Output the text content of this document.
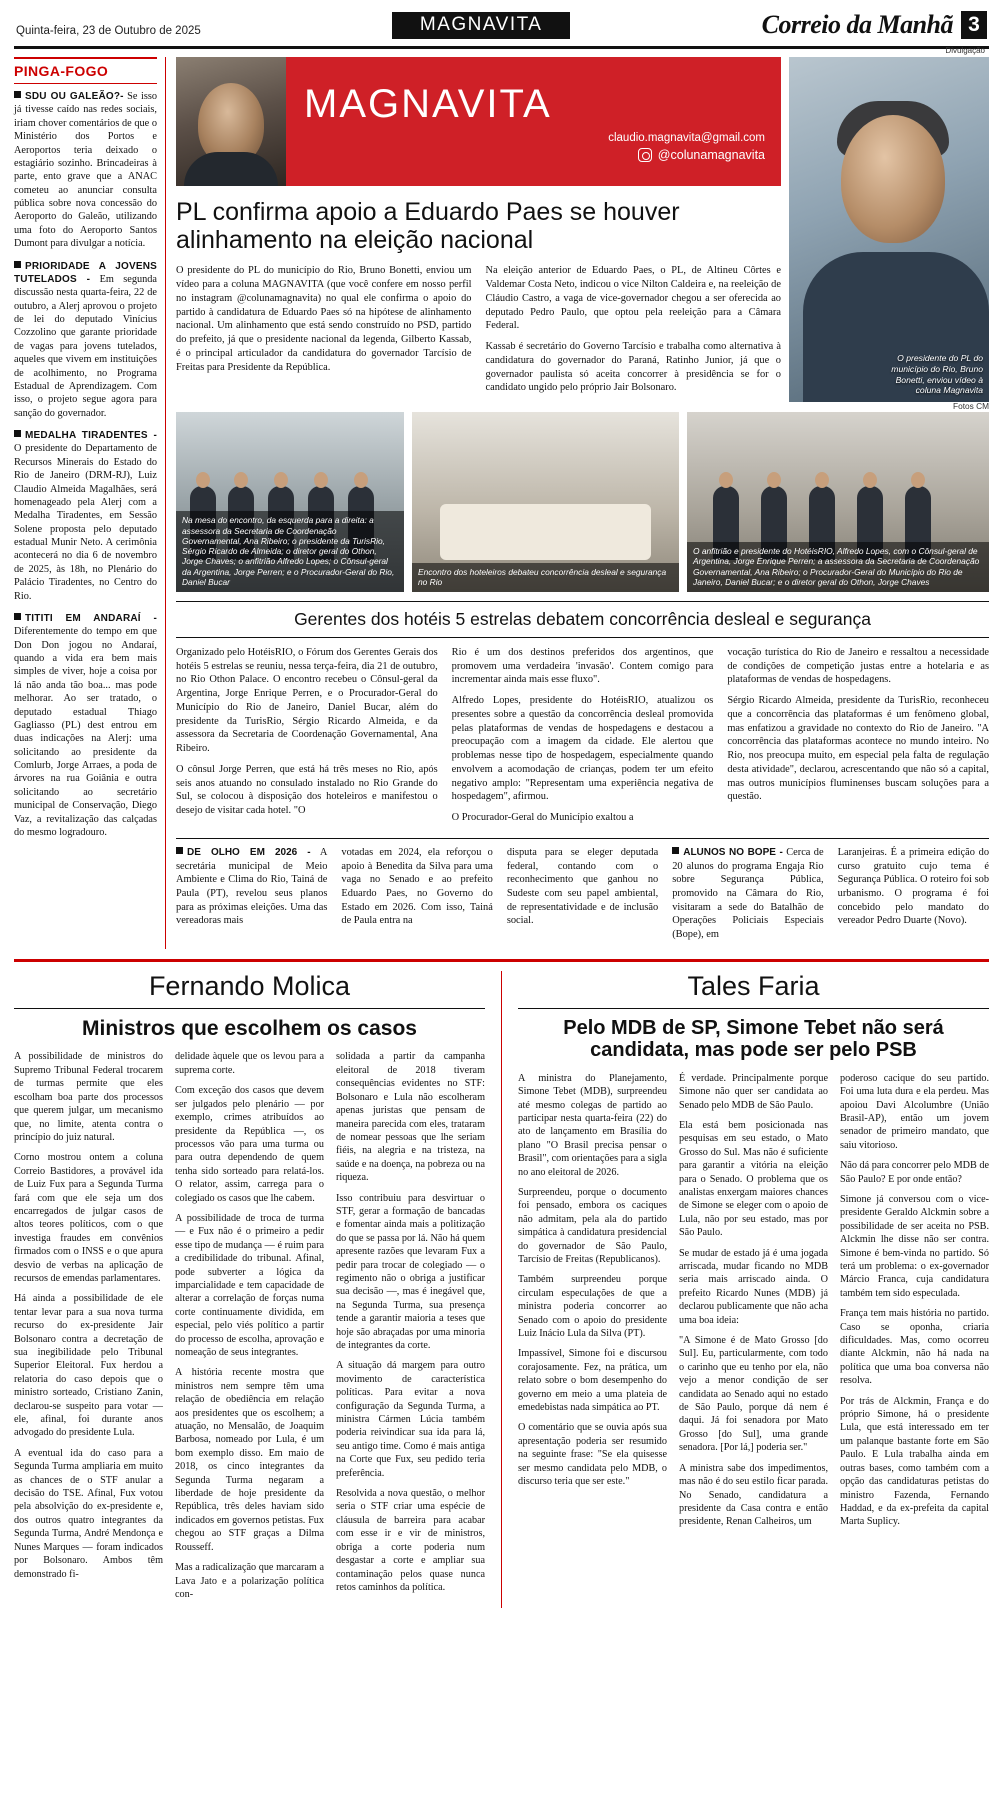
Quinta-feira, 23 de Outubro de 2025	MAGNAVITA	Correio da Manhã 3
PINGA-FOGO

SDU OU GALEÃO?- Se isso já tivesse caído nas redes sociais, iriam chover comentários de que o Ministério dos Portos e Aeroportos teria deixado o estagiário sozinho. Brincadeiras à parte, ento grave que a ANAC cometeu ao anunciar consulta pública sobre nova concessão do Aeroporto do Galeão, utilizando uma foto do Aeroporto Santos Dumont para divulgar a notícia.

PRIORIDADE A JOVENS TUTELADOS - Em segunda discussão nesta quarta-feira, 22 de outubro, a Alerj aprovou o projeto de lei do deputado Vinícius Cozzolino que garante prioridade de vagas para jovens tutelados, aqueles que vivem em instituições de acolhimento, no Programa Estadual de Aprendizagem. Com isso, o projeto segue agora para sanção do governador.

MEDALHA TIRADENTES - O presidente do Departamento de Recursos Minerais do Estado do Rio de Janeiro (DRM-RJ), Luiz Claudio Almeida Magalhães, será homenageado pela Alerj com a Medalha Tiradentes, em Sessão Solene proposta pelo deputado estadual Munir Neto. A cerimônia acontecerá no dia 6 de novembro de 2025, às 18h, no Plenário do Palácio Tiradentes, no Centro do Rio.

TITITI EM ANDARAÍ - Diferentemente do tempo em que Don Don jogou no Andaraí, quando a vida era bem mais simples de viver, hoje a coisa por lá não anda tão boa... mas pode melhorar. Ao ser tratado, o deputado estadual Thiago Gagliasso (PL) dest entrou em duas indicações na Alerj: uma solicitando ao presidente da Comlurb, Jorge Arraes, a poda de árvores na rua Goiânia e outra solicitando ao secretário municipal de Conservação, Diego Vaz, a revitalização das calçadas do mesmo logradouro.

MAGNAVITA
claudio.magnavita@gmail.com
@colunamagnavita
PL confirma apoio a Eduardo Paes se houver alinhamento na eleição nacional

O presidente do PL do município do Rio, Bruno Bonetti, enviou um vídeo para a coluna MAGNAVITA (que você confere em nosso perfil no instagram @colunamagnavita) no qual ele confirma o apoio do partido à candidatura de Eduardo Paes só na hipótese de alinhamento nacional. Um alinhamento que está sendo construído no PSD, partido do prefeito, já que o presidente nacional da legenda, Gilberto Kassab, é o principal articulador da candidatura do governador Tarcísio de Freitas para Presidente da República.

Na eleição anterior de Eduardo Paes, o PL, de Altineu Côrtes e Valdemar Costa Neto, indicou o vice Nilton Caldeira e, na reeleição de Cláudio Castro, a vaga de vice-governador chegou a ser oferecida ao deputado Pedro Paulo, que optou pela reeleição para a Câmara Federal.

Kassab é secretário do Governo Tarcísio e trabalha como alternativa à candidatura do governador do Paraná, Ratinho Junior, já que o governador paulista só aceita concorrer à presidência se for o candidato ungido pelo próprio Jair Bolsonaro.

Divulgação
O presidente do PL do município do Rio, Bruno Bonetti, enviou vídeo à coluna Magnavita
Fotos CM
Na mesa do encontro, da esquerda para a direita: a assessora da Secretaria de Coordenação Governamental, Ana Ribeiro; o presidente da TurisRio, Sérgio Ricardo de Almeida; o diretor geral do Othon, Jorge Chaves; o anfitrião Alfredo Lopes; o Cônsul-geral da Argentina, Jorge Perren; e o Procurador-Geral do Rio, Daniel Bucar
Encontro dos hoteleiros debateu concorrência desleal e segurança no Rio
O anfitrião e presidente do HotéisRIO, Alfredo Lopes, com o Cônsul-geral de Argentina, Jorge Enrique Perren; a assessora da Secretaria de Coordenação Governamental, Ana Ribeiro; o Procurador-Geral do Município do Rio de Janeiro, Daniel Bucar; e o diretor geral do Othon, Jorge Chaves
Gerentes dos hotéis 5 estrelas debatem concorrência desleal e segurança

Organizado pelo HotéisRIO, o Fórum dos Gerentes Gerais dos hotéis 5 estrelas se reuniu, nessa terça-feira, dia 21 de outubro, no Rio Othon Palace. O encontro recebeu o Cônsul-geral da Argentina, Jorge Enrique Perren, e o Procurador-Geral do Município do Rio de Janeiro, Daniel Bucar, além do presidente da TurisRio, Sérgio Ricardo Almeida, e da assessora da Secretaria de Coordenação Governamental, Ana Ribeiro.

O cônsul Jorge Perren, que está há três meses no Rio, após seis anos atuando no consulado instalado no Rio Grande do Sul, se colocou à disposição dos hoteleiros e manifestou o desejo de visitar cada hotel. "O

Rio é um dos destinos preferidos dos argentinos, que promovem uma verdadeira 'invasão'. Contem comigo para incrementar ainda mais esse fluxo".

Alfredo Lopes, presidente do HotéisRIO, atualizou os presentes sobre a questão da concorrência desleal promovida pelas plataformas de vendas de hospedagens e destacou a preocupação com a imagem da cidade. Ele alertou que problemas nesse tipo de hospedagem, especialmente quando envolvem a acomodação de crianças, podem ter um efeito negativo amplo: "Representam uma experiência negativa de hospedagem", afirmou.

O Procurador-Geral do Município exaltou a

vocação turística do Rio de Janeiro e ressaltou a necessidade de condições de competição justas entre a hotelaria e as plataformas de vendas de hospedagens.

Sérgio Ricardo Almeida, presidente da TurisRio, reconheceu que a concorrência das plataformas é um fenômeno global, mas enfatizou a gravidade no contexto do Rio de Janeiro. "A concorrência das plataformas acontece no mundo inteiro. No Rio, nos preocupa muito, em especial pela falta de regulação desta atividade", declarou, acrescentando que não só a capital, mas outros municípios fluminenses buscam soluções para a questão.

DE OLHO EM 2026 - A secretária municipal de Meio Ambiente e Clima do Rio, Tainá de Paula (PT), revelou seus planos para as próximas eleições. Uma das vereadoras mais

votadas em 2024, ela reforçou o apoio à Benedita da Silva para uma vaga no Senado e ao prefeito Eduardo Paes, no Governo do Estado em 2026. Com isso, Tainá de Paula entra na

disputa para se eleger deputada federal, contando com o reconhecimento que ganhou no Sudeste com seu papel ambiental, de representatividade e de inclusão social.

ALUNOS NO BOPE - Cerca de 20 alunos do programa Engaja Rio sobre Segurança Pública, promovido na Câmara do Rio, visitaram a sede do Batalhão de Operações Policiais Especiais (Bope), em

Laranjeiras. É a primeira edição do curso gratuito cujo tema é Segurança Pública. O roteiro foi sob urbanismo. O programa é foi concebido pelo mandato do vereador Pedro Duarte (Novo).

Fernando Molica
Ministros que escolhem os casos

A possibilidade de ministros do Supremo Tribunal Federal trocarem de turmas permite que eles escolham boa parte dos processos que querem julgar, um mecanismo que, no limite, atenta contra o princípio do juiz natural.

Corno mostrou ontem a coluna Correio Bastidores, a provável ida de Luiz Fux para a Segunda Turma fará com que ele seja um dos encarregados de julgar casos de altos teores políticos, com o que investiga fraudes em convênios firmados com o INSS e o que apura desvio de verbas na aplicação de recursos de emendas parlamentares.

Há ainda a possibilidade de ele tentar levar para a sua nova turma recurso do ex-presidente Jair Bolsonaro contra a decretação de sua inegibilidade pelo Tribunal Superior Eleitoral. Fux herdou a relatoria do caso depois que o ministro sorteado, Cristiano Zanin, declarou-se suspeito para votar — ele, afinal, foi durante anos advogado do presidente Lula.

A eventual ida do caso para a Segunda Turma ampliaria em muito as chances de o STF anular a decisão do TSE. Afinal, Fux votou pela absolvição do ex-presidente e, dos outros quatro integrantes da Segunda Turma, André Mendonça e Nunes Marques — foram indicados por Bolsonaro. Ambos têm demonstrado fi-

delidade àquele que os levou para a suprema corte.

Com exceção dos casos que devem ser julgados pelo plenário — por exemplo, crimes atribuídos ao presidente da República —, os processos vão para uma turma ou para outra dependendo de quem tenha sido sorteado para relatá-los. O relator, assim, carrega para o colegiado os casos que lhe cabem.

A possibilidade de troca de turma — e Fux não é o primeiro a pedir esse tipo de mudança — é ruim para a credibilidade do tribunal. Afinal, pode subverter a lógica da imparcialidade e tem capacidade de alterar a correlação de forças numa corte continuamente dividida, em especial, pelo viés político a partir do processo de escolha, aprovação e nomeação de seus integrantes.

A história recente mostra que ministros nem sempre têm uma relação de obediência em relação aos presidentes que os escolhem; a atuação, no Mensalão, de Joaquim Barbosa, nomeado por Lula, é um bom exemplo disso. Em maio de 2018, os cinco integrantes da Segunda Turma negaram a liberdade de hoje presidente da República, três deles haviam sido indicados em governos petistas. Fux chegou ao STF graças a Dilma Rousseff.

Mas a radicalização que marcaram a Lava Jato e a polarização política con-

solidada a partir da campanha eleitoral de 2018 tiveram consequências evidentes no STF: Bolsonaro e Lula não escolheram apenas juristas que pensam de maneira parecida com eles, trataram de nomear pessoas que lhe seriam fiéis, na alegria e na tristeza, na saúde e na doença, na pobreza ou na riqueza.

Isso contribuiu para desvirtuar o STF, gerar a formação de bancadas e fomentar ainda mais a politização do que se passa por lá. Não há quem apresente razões que levaram Fux a pedir para trocar de colegiado — o regimento não o obriga a justificar sua decisão —, mas é inegável que, na Segunda Turma, sua presença tende a garantir maioria a teses que hoje são abraçadas por uma minoria de integrantes da corte.

A situação dá margem para outro movimento de característica políticas. Para evitar a nova configuração da Segunda Turma, a ministra Cármen Lúcia também poderia reivindicar sua ida para lá, seu antigo time. Como é mais antiga na Corte que Fux, seu pedido teria preferência.

Resolvida a nova questão, o melhor seria o STF criar uma espécie de cláusula de barreira para acabar com esse ir e vir de ministros, obriga a corte poderia num desgastar a corte e ampliar sua contaminação pelos quase nunca retos caminhos da política.

Tales Faria
Pelo MDB de SP, Simone Tebet não será candidata, mas pode ser pelo PSB

A ministra do Planejamento, Simone Tebet (MDB), surpreendeu até mesmo colegas de partido ao participar nesta quarta-feira (22) do ato de lançamento em Brasília do plano "O Brasil precisa pensar o Brasil", com orientações para a sigla no ano eleitoral de 2026.

Surpreendeu, porque o documento foi pensado, embora os caciques não admitam, pela ala do partido simpática à candidatura presidencial do governador de São Paulo, Tarcísio de Freitas (Republicanos).

Também surpreendeu porque circulam especulações de que a ministra poderia concorrer ao Senado com o apoio do presidente Luiz Inácio Lula da Silva (PT).

Impassível, Simone foi e discursou corajosamente. Fez, na prática, um relato sobre o bom desempenho do governo em meio a uma plateia de emedebistas nada simpática ao PT.

O comentário que se ouvia após sua apresentação poderia ser resumido na seguinte frase: "Se ela quisesse ser mesmo candidata pelo MDB, o discurso teria que ser este."

É verdade. Principalmente porque Simone não quer ser candidata ao Senado pelo MDB de São Paulo.

Ela está bem posicionada nas pesquisas em seu estado, o Mato Grosso do Sul. Mas não é suficiente para garantir a vitória na eleição para o Senado. O problema que os analistas enxergam maiores chances de Simone se eleger com o apoio de Lula, não por seu estado, mas por São Paulo.

Se mudar de estado já é uma jogada arriscada, mudar ficando no MDB seria mais arriscado ainda. O prefeito Ricardo Nunes (MDB) já declarou publicamente que não acha uma boa ideia:

"A Simone é de Mato Grosso [do Sul]. Eu, particularmente, com todo o carinho que eu tenho por ela, não vejo a menor condição de ser candidata ao Senado aqui no estado de São Paulo, porque dá nem é daqui. Já foi senadora por Mato Grosso [do Sul], uma grande senadora. [Por lá,] poderia ser."

A ministra sabe dos impedimentos, mas não é do seu estilo ficar parada. No Senado, candidatura a presidente da Casa contra e então presidente, Renan Calheiros, um

poderoso cacique do seu partido. Foi uma luta dura e ela perdeu. Mas apoiou Davi Alcolumbre (União Brasil-AP), então um jovem senador de primeiro mandato, que saiu vitorioso.

Não dá para concorrer pelo MDB de São Paulo? E por onde então?

Simone já conversou com o vice-presidente Geraldo Alckmin sobre a possibilidade de ser aceita no PSB. Alckmin lhe disse não ser contra. Simone é bem-vinda no partido. Só terá um problema: o ex-governador Márcio Franca, cuja candidatura também tem sido especulada.

França tem mais história no partido. Caso se oponha, criaria dificuldades. Mas, como ocorreu diante Alckmin, não há nada na política que uma boa conversa não resolva.

Por trás de Alckmin, França e do próprio Simone, há o presidente Lula, que está interessado em ter um palanque bastante forte em São Paulo. E Lula trabalha ainda em outras bases, como também com a opção das candidaturas petistas do ministro Fazenda, Fernando Haddad, e da ex-prefeita da capital Marta Suplicy.
